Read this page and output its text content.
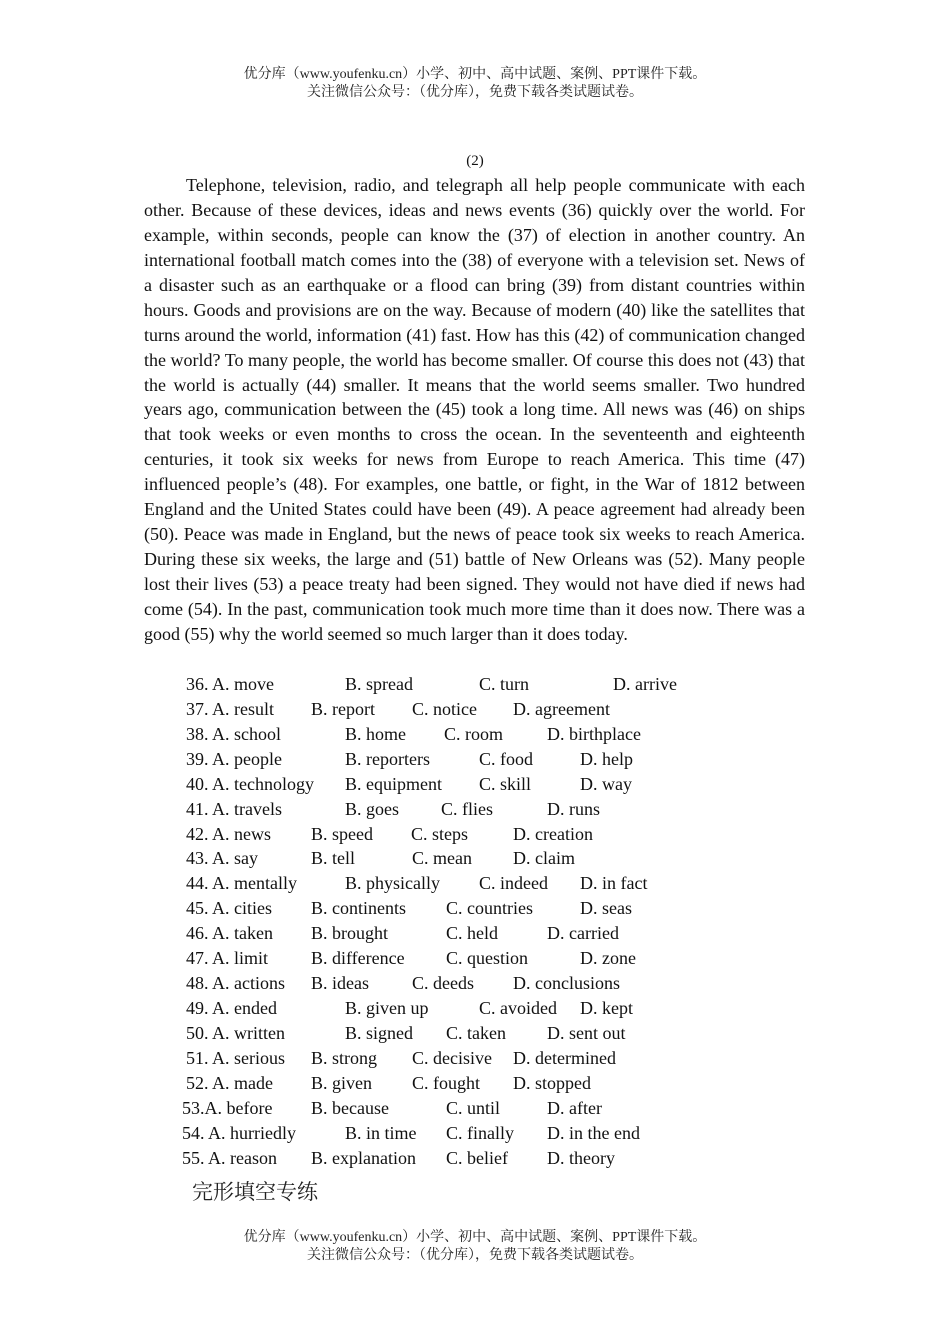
优分库（www.youfenku.cn）小学、初中、高中试题、案例、PPT课件下载。
关注微信公众号：（优分库），免费下载各类试题试卷。
(2)

Telephone, television, radio, and telegraph all help people communicate with each other. Because of these devices, ideas and news events (36) quickly over the world. For example, within seconds, people can know the (37) of election in another country. An international football match comes into the (38) of everyone with a television set. News of a disaster such as an earthquake or a flood can bring (39) from distant countries within hours. Goods and provisions are on the way. Because of modern (40) like the satellites that turns around the world, information (41) fast. How has this (42) of communication changed the world? To many people, the world has become smaller. Of course this does not (43) that the world is actually (44) smaller. It means that the world seems smaller. Two hundred years ago, communication between the (45) took a long time. All news was (46) on ships that took weeks or even months to cross the ocean. In the seventeenth and eighteenth centuries, it took six weeks for news from Europe to reach America. This time (47) influenced people’s (48). For examples, one battle, or fight, in the War of 1812 between England and the United States could have been (49). A peace agreement had already been (50). Peace was made in England, but the news of peace took six weeks to reach America. During these six weeks, the large and (51) battle of New Orleans was (52). Many people lost their lives (53) a peace treaty had been signed. They would not have died if news had come (54). In the past, communication took much more time than it does now. There was a good (55) why the world seemed so much larger than it does today.

36. A. move	B. spread	C. turn	D. arrive
37. A. result B. report C. notice D. agreement
38. A. school	B. home C. room D. birthplace
39. A. people	B. reporters	C. food	D. help
40. A. technology B. equipment C. skill	D. way
41. A. travels	B. goes C. flies	D. runs
42. A. news B. speed C. steps D. creation
43. A. say	B. tell	C. mean D. claim
44. A. mentally	B. physically C. indeed D. in fact
45. A. cities B. continents C. countries	D. seas
46. A. taken B. brought	C. held	D. carried
47. A. limit B. difference C. question	D. zone
48. A. actions B. ideas C. deeds D. conclusions
49. A. ended	B. given up	C. avoided D. kept
50. A. written	B. signed C. taken D. sent out
51. A. serious B. strong C. decisive D. determined
52. A. made B. given C. fought D. stopped
53.A. before B. because	C. until	D. after
54. A. hurriedly	B. in time C. finally D. in the end
55. A. reason B. explanation C. belief D. theory
完形填空专练
优分库（www.youfenku.cn）小学、初中、高中试题、案例、PPT课件下载。
关注微信公众号：（优分库），免费下载各类试题试卷。
